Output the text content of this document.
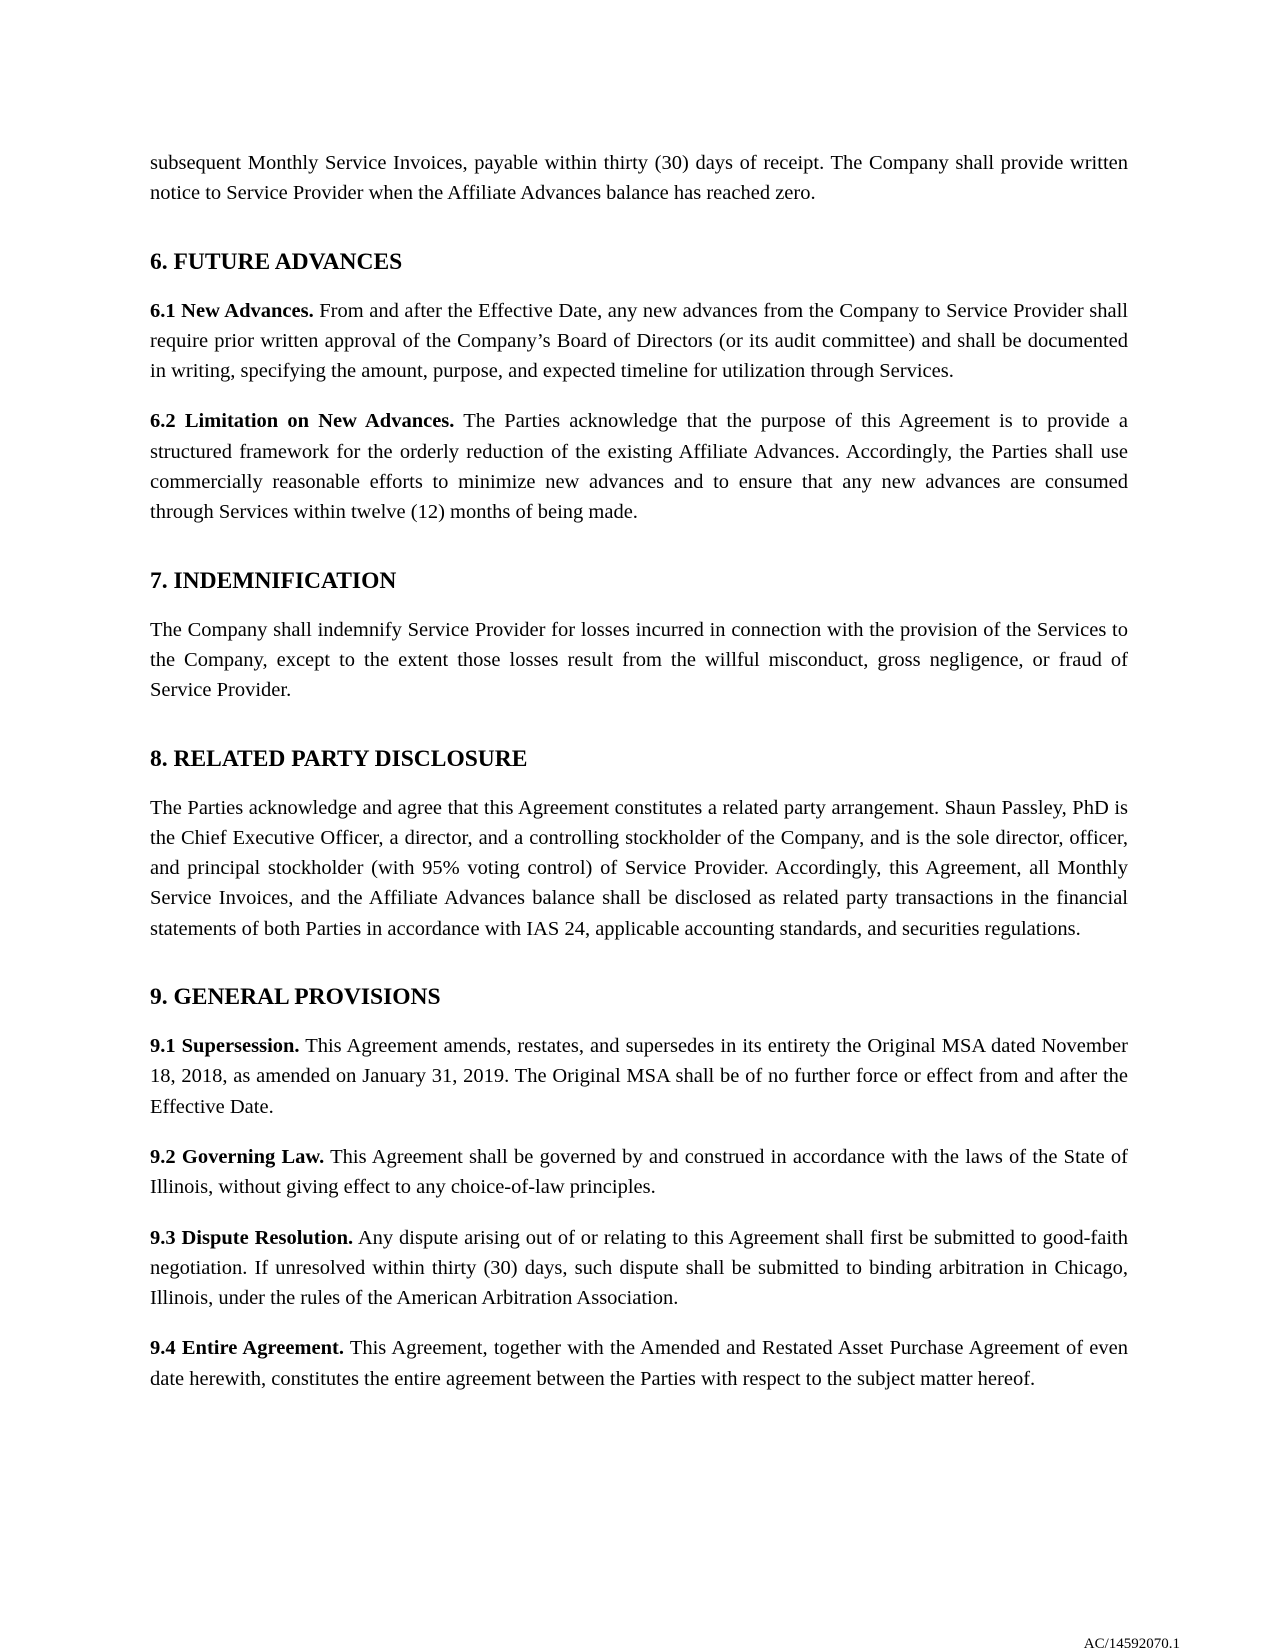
subsequent Monthly Service Invoices, payable within thirty (30) days of receipt. The Company shall provide written notice to Service Provider when the Affiliate Advances balance has reached zero.

6. FUTURE ADVANCES

6.1 New Advances. From and after the Effective Date, any new advances from the Company to Service Provider shall require prior written approval of the Company’s Board of Directors (or its audit committee) and shall be documented in writing, specifying the amount, purpose, and expected timeline for utilization through Services.

6.2 Limitation on New Advances. The Parties acknowledge that the purpose of this Agreement is to provide a structured framework for the orderly reduction of the existing Affiliate Advances. Accordingly, the Parties shall use commercially reasonable efforts to minimize new advances and to ensure that any new advances are consumed through Services within twelve (12) months of being made.

7. INDEMNIFICATION

The Company shall indemnify Service Provider for losses incurred in connection with the provision of the Services to the Company, except to the extent those losses result from the willful misconduct, gross negligence, or fraud of Service Provider.

8. RELATED PARTY DISCLOSURE

The Parties acknowledge and agree that this Agreement constitutes a related party arrangement. Shaun Passley, PhD is the Chief Executive Officer, a director, and a controlling stockholder of the Company, and is the sole director, officer, and principal stockholder (with 95% voting control) of Service Provider. Accordingly, this Agreement, all Monthly Service Invoices, and the Affiliate Advances balance shall be disclosed as related party transactions in the financial statements of both Parties in accordance with IAS 24, applicable accounting standards, and securities regulations.

9. GENERAL PROVISIONS

9.1 Supersession. This Agreement amends, restates, and supersedes in its entirety the Original MSA dated November 18, 2018, as amended on January 31, 2019. The Original MSA shall be of no further force or effect from and after the Effective Date.

9.2 Governing Law. This Agreement shall be governed by and construed in accordance with the laws of the State of Illinois, without giving effect to any choice-of-law principles.

9.3 Dispute Resolution. Any dispute arising out of or relating to this Agreement shall first be submitted to good-faith negotiation. If unresolved within thirty (30) days, such dispute shall be submitted to binding arbitration in Chicago, Illinois, under the rules of the American Arbitration Association.

9.4 Entire Agreement. This Agreement, together with the Amended and Restated Asset Purchase Agreement of even date herewith, constitutes the entire agreement between the Parties with respect to the subject matter hereof.

AC/14592070.1
